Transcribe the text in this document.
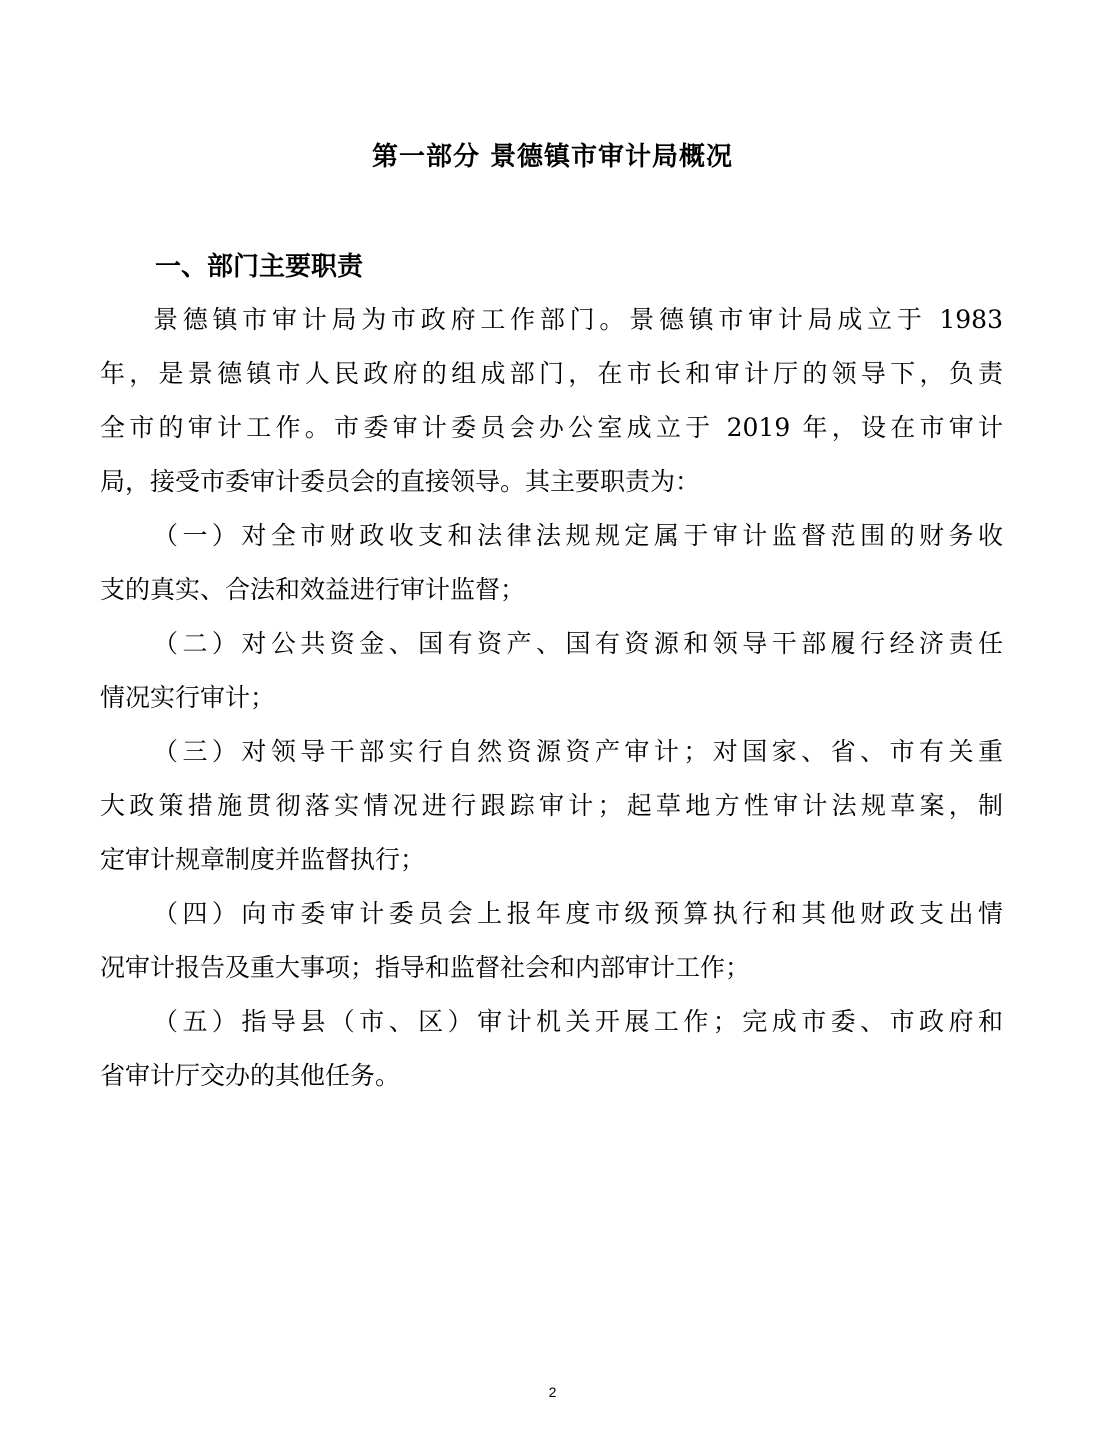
第一部分 景德镇市审计局概况
一、部门主要职责
景德镇市审计局为市政府工作部门。景德镇市审计局成立于 1983
年，是景德镇市人民政府的组成部门，在市长和审计厅的领导下，负责
全市的审计工作。市委审计委员会办公室成立于 2019 年，设在市审计
局，接受市委审计委员会的直接领导。其主要职责为：
（一）对全市财政收支和法律法规规定属于审计监督范围的财务收
支的真实、合法和效益进行审计监督；
（二）对公共资金、国有资产、国有资源和领导干部履行经济责任
情况实行审计；
（三）对领导干部实行自然资源资产审计；对国家、省、市有关重
大政策措施贯彻落实情况进行跟踪审计；起草地方性审计法规草案，制
定审计规章制度并监督执行；
（四）向市委审计委员会上报年度市级预算执行和其他财政支出情
况审计报告及重大事项；指导和监督社会和内部审计工作；
（五）指导县（市、区）审计机关开展工作；完成市委、市政府和
省审计厅交办的其他任务。
2
